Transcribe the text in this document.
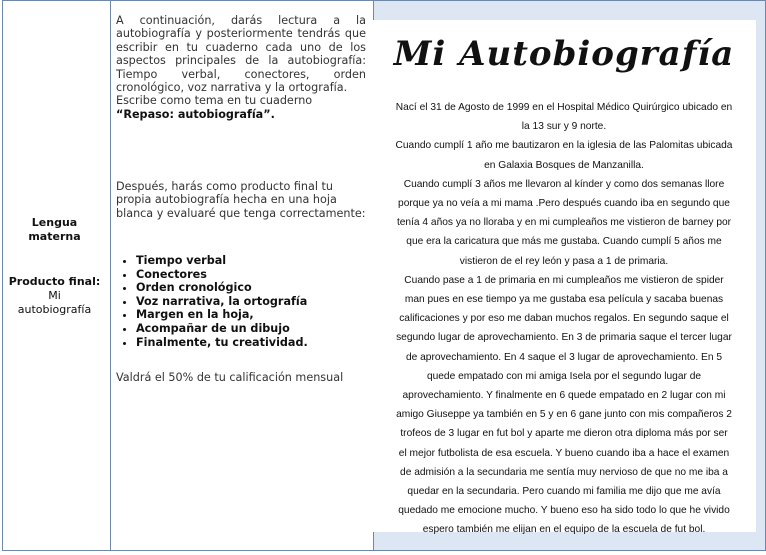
Lengua
materna
Producto final:
Mi
autobiografía
A continuación, darás lectura a la autobiografía y posteriormente tendrás que escribir en tu cuaderno cada uno de los aspectos principales de la autobiografía: Tiempo verbal, conectores, orden cronológico, voz narrativa y la ortografía.
Escribe como tema en tu cuaderno
“Repaso: autobiografía”.
Después, harás como producto final tu propia autobiografía hecha en una hoja blanca y evaluaré que tenga correctamente:
• Tiempo verbal
• Conectores
• Orden cronológico
• Voz narrativa, la ortografía
• Margen en la hoja,
• Acompañar de un dibujo
• Finalmente, tu creatividad.
Valdrá el 50% de tu calificación mensual
Mi Autobiografía
Nací el 31 de Agosto de 1999 en el Hospital Médico Quirúrgico ubicado en
la 13 sur y 9 norte.
Cuando cumplí 1 año me bautizaron en la iglesia de las Palomitas ubicada
en Galaxia Bosques de Manzanilla.
Cuando cumplí 3 años me llevaron al kínder y como dos semanas llore
porque ya no veía a mi mama .Pero después cuando iba en segundo que
tenía 4 años ya no lloraba y en mi cumpleaños me vistieron de barney por
que era la caricatura que más me gustaba. Cuando cumplí 5 años me
vistieron de el rey león y pasa a 1 de primaria.
Cuando pase a 1 de primaria en mi cumpleaños me vistieron de spider
man pues en ese tiempo ya me gustaba esa película y sacaba buenas
calificaciones y por eso me daban muchos regalos. En segundo saque el
segundo lugar de aprovechamiento. En 3 de primaria saque el tercer lugar
de aprovechamiento. En 4 saque el 3 lugar de aprovechamiento. En 5
quede empatado con mi amiga Isela por el segundo lugar de
aprovechamiento. Y finalmente en 6 quede empatado en 2 lugar con mi
amigo Giuseppe ya también en 5 y en 6 gane junto con mis compañeros 2
trofeos de 3 lugar en fut bol y aparte me dieron otra diploma más por ser
el mejor futbolista de esa escuela. Y bueno cuando iba a hace el examen
de admisión a la secundaria me sentía muy nervioso de que no me iba a
quedar en la secundaria. Pero cuando mi familia me dijo que me avía
quedado me emocione mucho. Y bueno eso ha sido todo lo que he vivido
espero también me elijan en el equipo de la escuela de fut bol.
